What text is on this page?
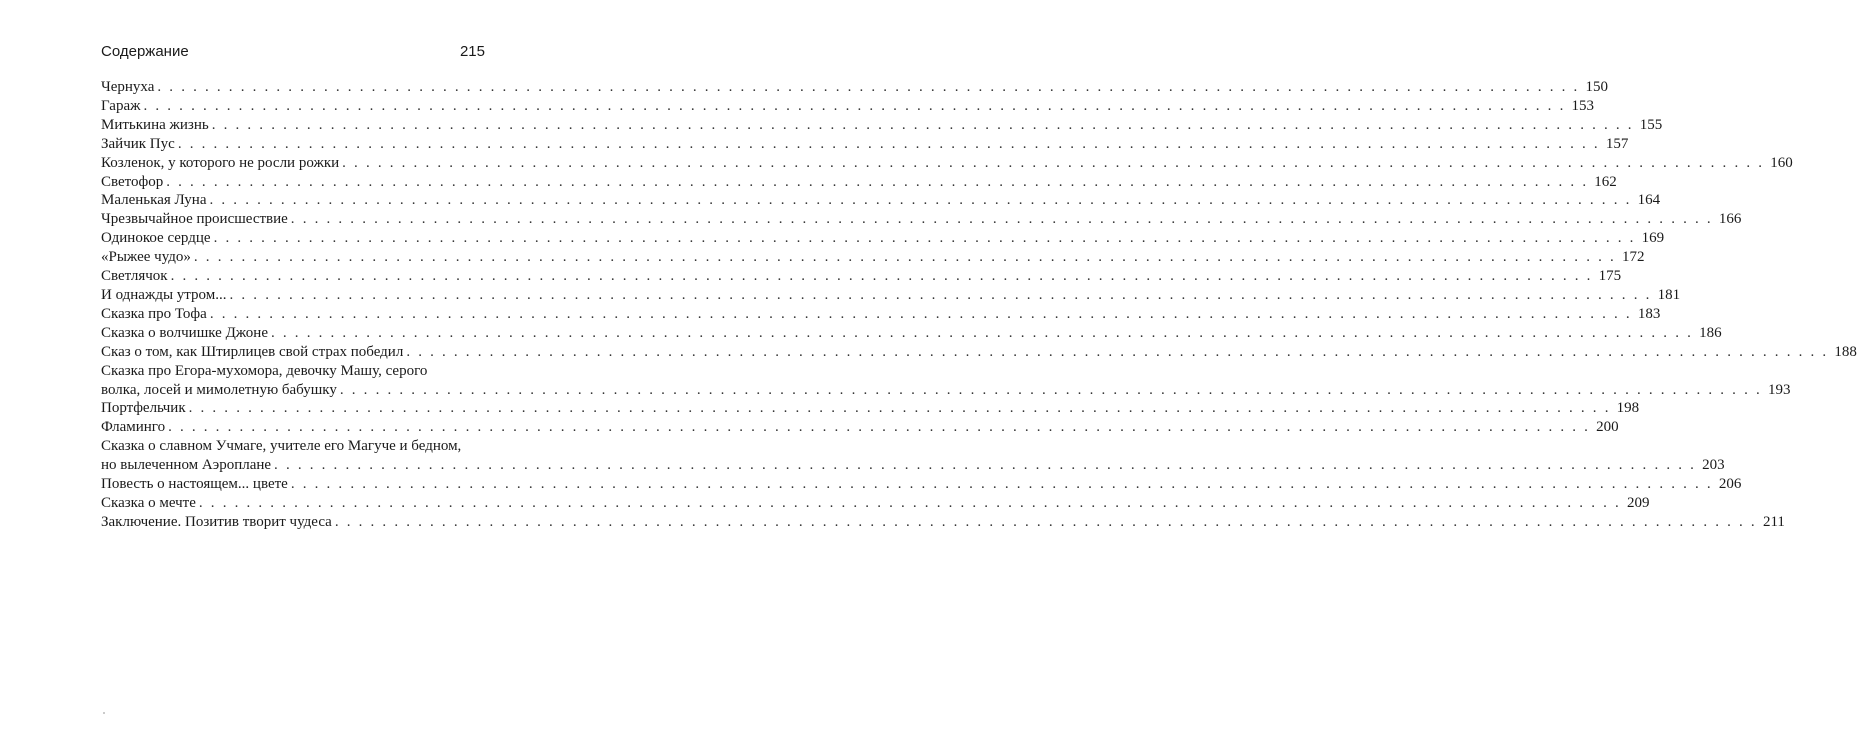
Содержание	215
Чернуха . . . . . . . . . . . . . . . . . . . . . . . . . . . . . . . . . . . . . . . . . . . . . . . . . . . . . . . . . . . . . . . . . . . . . . . . . . . . . . . . . . . . . . . . . . . . . . . . . . . . . . . . . . . . . . . . . . . . . . . . 150
Гараж . . . . . . . . . . . . . . . . . . . . . . . . . . . . . . . . . . . . . . . . . . . . . . . . . . . . . . . . . . . . . . . . . . . . . . . . . . . . . . . . . . . . . . . . . . . . . . . . . . . . . . . . . . . . . . . . . . . . . . . . 153
Митькина жизнь . . . . . . . . . . . . . . . . . . . . . . . . . . . . . . . . . . . . . . . . . . . . . . . . . . . . . . . . . . . . . . . . . . . . . . . . . . . . . . . . . . . . . . . . . . . . . . . . . . . . . . . . . . . . . . . . . . . . . . . . 155
Зайчик Пус . . . . . . . . . . . . . . . . . . . . . . . . . . . . . . . . . . . . . . . . . . . . . . . . . . . . . . . . . . . . . . . . . . . . . . . . . . . . . . . . . . . . . . . . . . . . . . . . . . . . . . . . . . . . . . . . . . . . . . . . 157
Козленок, у которого не росли рожки . . . . . . . . . . . . . . . . . . . . . . . . . . . . . . . . . . . . . . . . . . . . . . . . . . . . . . . . . . . . . . . . . . . . . . . . . . . . . . . . . . . . . . . . . . . . . . . . . . . . . . . . . . . . . . . . . . . . . . . . 160
Светофор . . . . . . . . . . . . . . . . . . . . . . . . . . . . . . . . . . . . . . . . . . . . . . . . . . . . . . . . . . . . . . . . . . . . . . . . . . . . . . . . . . . . . . . . . . . . . . . . . . . . . . . . . . . . . . . . . . . . . . . . 162
Маленькая Луна . . . . . . . . . . . . . . . . . . . . . . . . . . . . . . . . . . . . . . . . . . . . . . . . . . . . . . . . . . . . . . . . . . . . . . . . . . . . . . . . . . . . . . . . . . . . . . . . . . . . . . . . . . . . . . . . . . . . . . . . 164
Чрезвычайное происшествие . . . . . . . . . . . . . . . . . . . . . . . . . . . . . . . . . . . . . . . . . . . . . . . . . . . . . . . . . . . . . . . . . . . . . . . . . . . . . . . . . . . . . . . . . . . . . . . . . . . . . . . . . . . . . . . . . . . . . . . . 166
Одинокое сердце . . . . . . . . . . . . . . . . . . . . . . . . . . . . . . . . . . . . . . . . . . . . . . . . . . . . . . . . . . . . . . . . . . . . . . . . . . . . . . . . . . . . . . . . . . . . . . . . . . . . . . . . . . . . . . . . . . . . . . . . 169
«Рыжее чудо» . . . . . . . . . . . . . . . . . . . . . . . . . . . . . . . . . . . . . . . . . . . . . . . . . . . . . . . . . . . . . . . . . . . . . . . . . . . . . . . . . . . . . . . . . . . . . . . . . . . . . . . . . . . . . . . . . . . . . . . . 172
Светлячок . . . . . . . . . . . . . . . . . . . . . . . . . . . . . . . . . . . . . . . . . . . . . . . . . . . . . . . . . . . . . . . . . . . . . . . . . . . . . . . . . . . . . . . . . . . . . . . . . . . . . . . . . . . . . . . . . . . . . . . . 175
И однажды утром... . . . . . . . . . . . . . . . . . . . . . . . . . . . . . . . . . . . . . . . . . . . . . . . . . . . . . . . . . . . . . . . . . . . . . . . . . . . . . . . . . . . . . . . . . . . . . . . . . . . . . . . . . . . . . . . . . . . . . . . . 181
Сказка про Тофа . . . . . . . . . . . . . . . . . . . . . . . . . . . . . . . . . . . . . . . . . . . . . . . . . . . . . . . . . . . . . . . . . . . . . . . . . . . . . . . . . . . . . . . . . . . . . . . . . . . . . . . . . . . . . . . . . . . . . . . . 183
Сказка о волчишке Джоне . . . . . . . . . . . . . . . . . . . . . . . . . . . . . . . . . . . . . . . . . . . . . . . . . . . . . . . . . . . . . . . . . . . . . . . . . . . . . . . . . . . . . . . . . . . . . . . . . . . . . . . . . . . . . . . . . . . . . . . . 186
Сказ о том, как Штирлицев свой страх победил . . . . . . . . . . . . . . . . . . . . . . . . . . . . . . . . . . . . . . . . . . . . . . . . . . . . . . . . . . . . . . . . . . . . . . . . . . . . . . . . . . . . . . . . . . . . . . . . . . . . . . . . . . . . . . . . . . . . . . . . 188
Сказка про Егора-мухомора, девочку Машу, серого
волка, лосей и мимолетную бабушку . . . . . . . . . . . . . . . . . . . . . . . . . . . . . . . . . . . . . . . . . . . . . . . . . . . . . . . . . . . . . . . . . . . . . . . . . . . . . . . . . . . . . . . . . . . . . . . . . . . . . . . . . . . . . . . . . . . . . . . . 193
Портфельчик . . . . . . . . . . . . . . . . . . . . . . . . . . . . . . . . . . . . . . . . . . . . . . . . . . . . . . . . . . . . . . . . . . . . . . . . . . . . . . . . . . . . . . . . . . . . . . . . . . . . . . . . . . . . . . . . . . . . . . . . 198
Фламинго . . . . . . . . . . . . . . . . . . . . . . . . . . . . . . . . . . . . . . . . . . . . . . . . . . . . . . . . . . . . . . . . . . . . . . . . . . . . . . . . . . . . . . . . . . . . . . . . . . . . . . . . . . . . . . . . . . . . . . . . 200
Сказка о славном Учмаге, учителе его Магуче и бедном,
но вылеченном Аэроплане . . . . . . . . . . . . . . . . . . . . . . . . . . . . . . . . . . . . . . . . . . . . . . . . . . . . . . . . . . . . . . . . . . . . . . . . . . . . . . . . . . . . . . . . . . . . . . . . . . . . . . . . . . . . . . . . . . . . . . . . 203
Повесть о настоящем... цвете . . . . . . . . . . . . . . . . . . . . . . . . . . . . . . . . . . . . . . . . . . . . . . . . . . . . . . . . . . . . . . . . . . . . . . . . . . . . . . . . . . . . . . . . . . . . . . . . . . . . . . . . . . . . . . . . . . . . . . . . 206
Сказка о мечте . . . . . . . . . . . . . . . . . . . . . . . . . . . . . . . . . . . . . . . . . . . . . . . . . . . . . . . . . . . . . . . . . . . . . . . . . . . . . . . . . . . . . . . . . . . . . . . . . . . . . . . . . . . . . . . . . . . . . . . . 209
Заключение. Позитив творит чудеса . . . . . . . . . . . . . . . . . . . . . . . . . . . . . . . . . . . . . . . . . . . . . . . . . . . . . . . . . . . . . . . . . . . . . . . . . . . . . . . . . . . . . . . . . . . . . . . . . . . . . . . . . . . . . . . . . . . . . . . . 211
